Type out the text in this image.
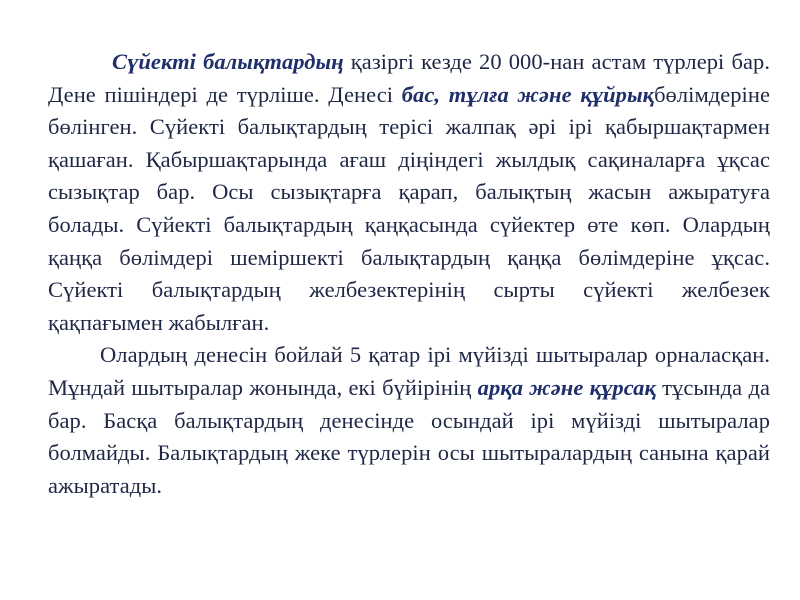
Сүйекті балықтардың қазіргі кезде 20 000-нан астам түрлері бар. Дене пішіндері де түрліше. Денесі бас, тұлға және құйрықбөлімдеріне бөлінген. Сүйекті балықтардың терісі жалпақ әрі ірі қабыршақтармен қашаған. Қабыршақтарында ағаш діңіндегі жылдық сақиналарға ұқсас сызықтар бар. Осы сызықтарға қарап, балықтың жасын ажыратуға болады. Сүйекті балықтардың қаңқасында сүйектер өте көп. Олардың қаңқа бөлімдері шеміршекті балықтардың қаңқа бөлімдеріне ұқсас. Сүйекті балықтардың желбезектерінің сырты сүйекті желбезек қақпағымен жабылған.

Олардың денесін бойлай 5 қатар ірі мүйізді шытыралар орналасқан. Мұндай шытыралар жонында, екі бүйірінің арқа және құрсақ тұсында да бар. Басқа балықтардың денесінде осындай ірі мүйізді шытыралар болмайды. Балықтардың жеке түрлерін осы шытыралардың санына қарай ажыратады.
